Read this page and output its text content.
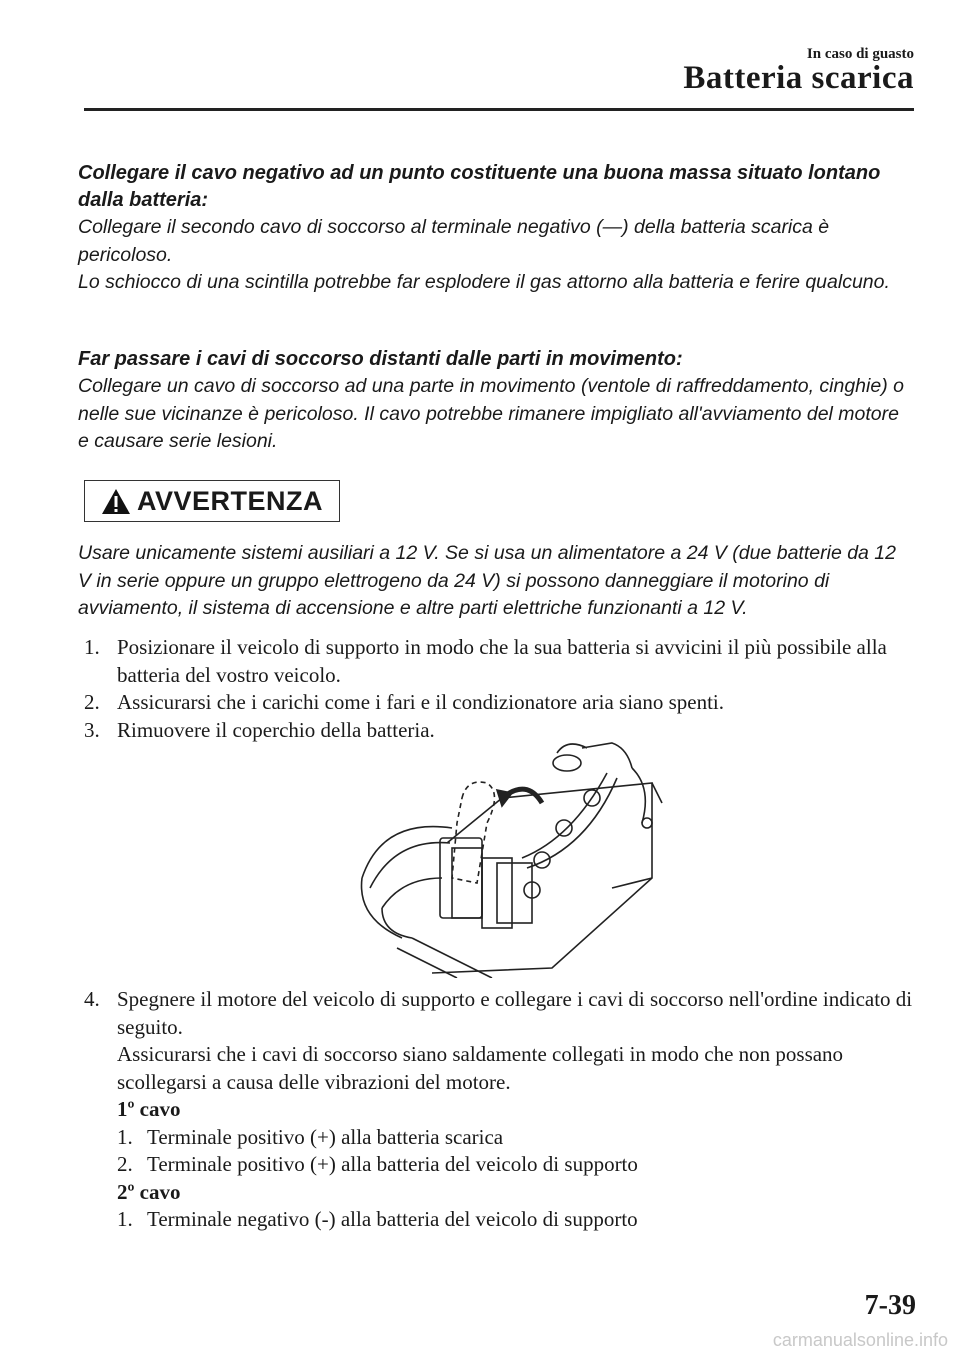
In caso di guasto
Batteria scarica

Collegare il cavo negativo ad un punto costituente una buona massa situato lontano dalla batteria:

Collegare il secondo cavo di soccorso al terminale negativo (—) della batteria scarica è pericoloso.
Lo schiocco di una scintilla potrebbe far esplodere il gas attorno alla batteria e ferire qualcuno.

Far passare i cavi di soccorso distanti dalle parti in movimento:

Collegare un cavo di soccorso ad una parte in movimento (ventole di raffreddamento, cinghie) o nelle sue vicinanze è pericoloso. Il cavo potrebbe rimanere impigliato all'avviamento del motore e causare serie lesioni.

AVVERTENZA

Usare unicamente sistemi ausiliari a 12 V. Se si usa un alimentatore a 24 V (due batterie da 12 V in serie oppure un gruppo elettrogeno da 24 V) si possono danneggiare il motorino di avviamento, il sistema di accensione e altre parti elettriche funzionanti a 12 V.

1. Posizionare il veicolo di supporto in modo che la sua batteria si avvicini il più possibile alla batteria del vostro veicolo.
2. Assicurarsi che i carichi come i fari e il condizionatore aria siano spenti.
3. Rimuovere il coperchio della batteria.
4. Spegnere il motore del veicolo di supporto e collegare i cavi di soccorso nell'ordine indicato di seguito.
Assicurarsi che i cavi di soccorso siano saldamente collegati in modo che non possano scollegarsi a causa delle vibrazioni del motore.
1º cavo
1. Terminale positivo (+) alla batteria scarica
2. Terminale positivo (+) alla batteria del veicolo di supporto
2º cavo
1. Terminale negativo (-) alla batteria del veicolo di supporto
7-39
carmanualsonline.info
